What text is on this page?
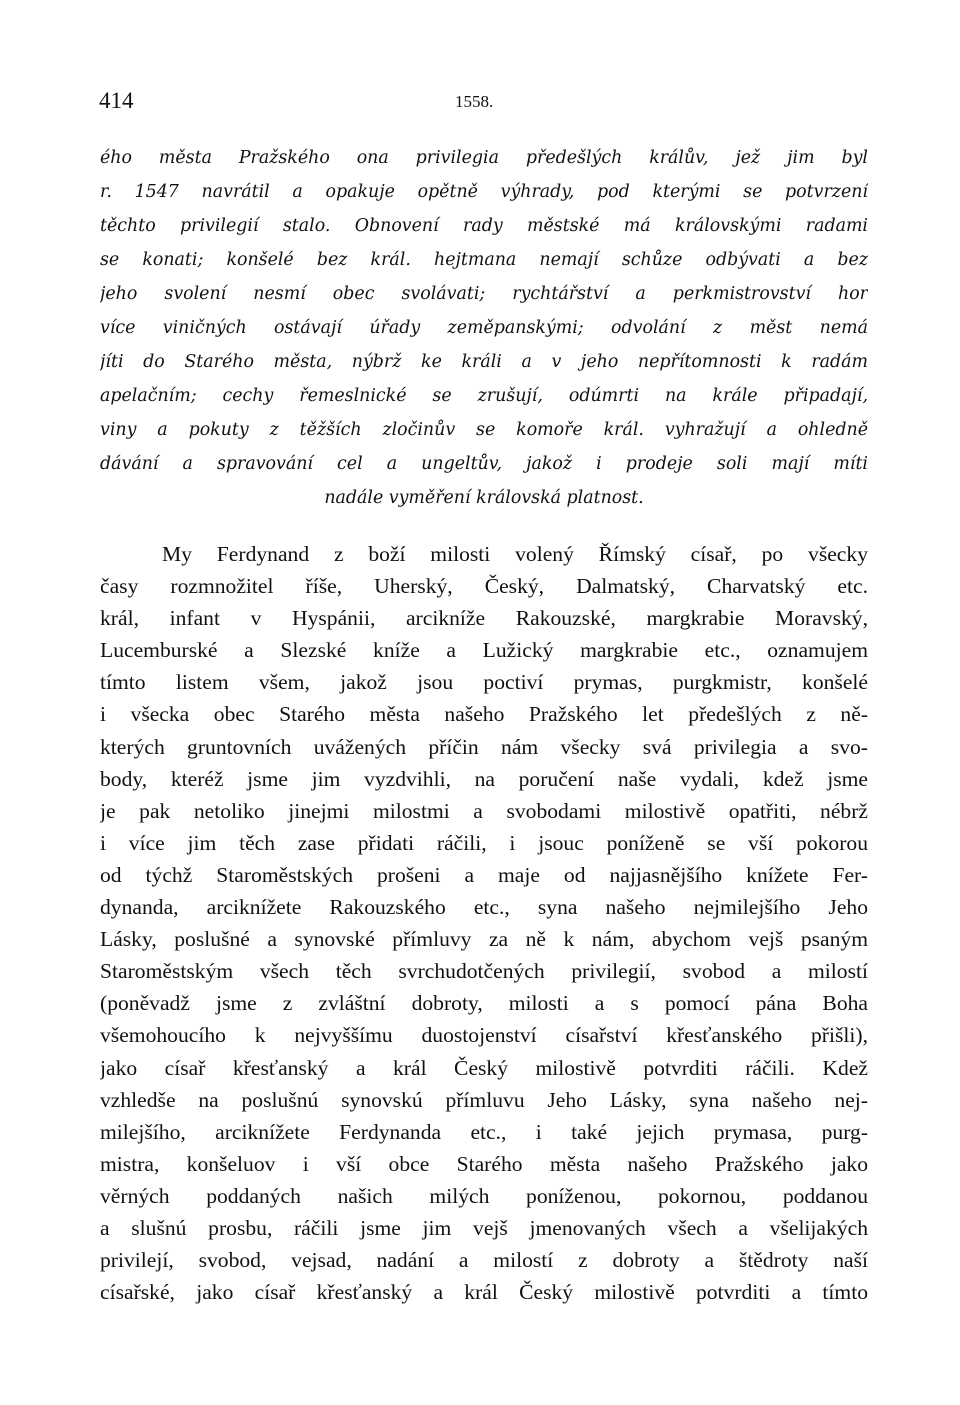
414	1558.
ého města Pražského ona privilegia předešlých králův, jež jim byl
r. 1547 navrátil a opakuje opětně výhrady, pod kterými se potvrzení
těchto privilegií stalo. Obnovení rady městské má královskými radami
se konati; konšelé bez král. hejtmana nemají schůze odbývati a bez
jeho svolení nesmí obec svolávati; rychtářství a perkmistrovství hor
více viničných ostávají úřady zeměpanskými; odvolání z měst nemá
jíti do Starého města, nýbrž ke králi a v jeho nepřítomnosti k radám
apelačním; cechy řemeslnické se zrušují, odúmrti na krále připadají,
viny a pokuty z těžších zločinův se komoře král. vyhražují a ohledně
dávání a spravování cel a ungeltův, jakož i prodeje soli mají míti
nadále vyměření královská platnost.
My Ferdynand z boží milosti volený Římský císař, po všecky
časy rozmnožitel říše, Uherský, Český, Dalmatský, Charvatský etc.
král, infant v Hyspánii, arcikníže Rakouzské, margkrabie Moravský,
Lucemburské a Slezské kníže a Lužický margkrabie etc., oznamujem
tímto listem všem, jakož jsou poctiví prymas, purgkmistr, konšelé
i všecka obec Starého města našeho Pražského let předešlých z ně-
kterých gruntovních uvážených příčin nám všecky svá privilegia a svo-
body, kteréž jsme jim vyzdvihli, na poručení naše vydali, kdež jsme
je pak netoliko jinejmi milostmi a svobodami milostivě opatřiti, nébrž
i více jim těch zase přidati ráčili, i jsouc poníženě se vší pokorou
od týchž Staroměstských prošeni a maje od najjasnějšího knížete Fer-
dynanda, arciknížete Rakouzského etc., syna našeho nejmilejšího Jeho
Lásky, poslušné a synovské přímluvy za ně k nám, abychom vejš psaným
Staroměstským všech těch svrchudotčených privilegií, svobod a milostí
(poněvadž jsme z zvláštní dobroty, milosti a s pomocí pána Boha
všemohoucího k nejvyššímu duostojenství císařství křesťanského přišli),
jako císař křesťanský a král Český milostivě potvrditi ráčili. Kdež
vzhledše na poslušnú synovskú přímluvu Jeho Lásky, syna našeho nej-
milejšího, arciknížete Ferdynanda etc., i také jejich prymasa, purg-
mistra, konšeluov i vší obce Starého města našeho Pražského jako
věrných poddaných našich milých poníženou, pokornou, poddanou
a slušnú prosbu, ráčili jsme jim vejš jmenovaných všech a všelijakých
privilejí, svobod, vejsad, nadání a milostí z dobroty a štědroty naší
císařské, jako císař křesťanský a král Český milostivě potvrditi a tímto
